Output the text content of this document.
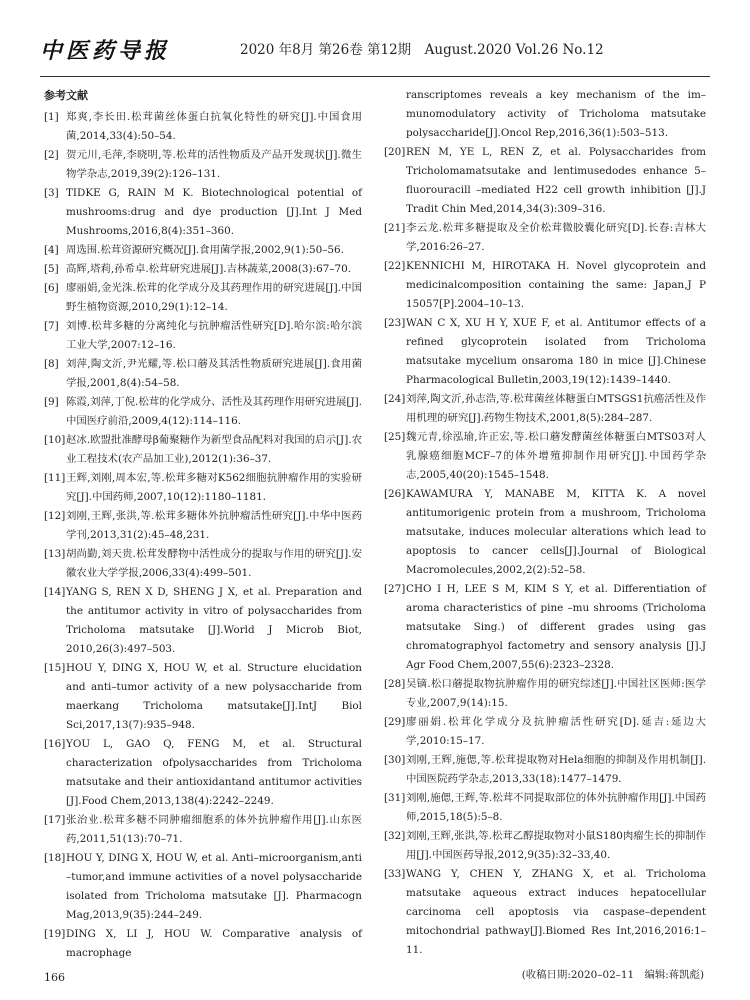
中医药导报	2020 年8月 第26卷 第12期　August.2020 Vol.26 No.12
参考文献
[1] 郑爽,李长田.松茸菌丝体蛋白抗氧化特性的研究[J].中国食用菌,2014,33(4):50–54.
[2] 贺元川,毛萍,李晓明,等.松茸的活性物质及产品开发现状[J].微生物学杂志,2019,39(2):126–131.
[3] TIDKE G, RAIN M K. Biotechnological potential of mushrooms:drug and dye production [J].Int J Med Mushrooms,2016,8(4):351–360.
[4] 周选围.松茸资源研究概况[J].食用菌学报,2002,9(1):50–56.
[5] 高辉,塔莉,孙希卓.松茸研究进展[J].吉林蔬菜,2008(3):67–70.
[6] 廖丽娟,金光洙.松茸的化学成分及其药理作用的研究进展[J].中国野生植物资源,2010,29(1):12–14.
[7] 刘博.松茸多糖的分离纯化与抗肿瘤活性研究[D].哈尔滨:哈尔滨工业大学,2007:12–16.
[8] 刘萍,陶文沂,尹光耀,等.松口蘑及其活性物质研究进展[J].食用菌学报,2001,8(4):54–58.
[9] 陈霞,刘萍,丁倪.松茸的化学成分、活性及其药理作用研究进展[J].中国医疗前沿,2009,4(12):114–116.
[10] 赵冰.欧盟批准酵母β葡聚糖作为新型食品配料对我国的启示[J].农业工程技术(农产品加工业),2012(1):36–37.
[11] 王辉,刘刚,周本宏,等.松茸多糖对K562细胞抗肿瘤作用的实验研究[J].中国药师,2007,10(12):1180–1181.
[12] 刘刚,王辉,张洪,等.松茸多糖体外抗肿瘤活性研究[J].中华中医药学刊,2013,31(2):45–48,231.
[13] 胡尚勤,刘天贵.松茸发酵物中活性成分的提取与作用的研究[J].安徽农业大学学报,2006,33(4):499–501.
[14] YANG S, REN X D, SHENG J X, et al. Preparation and the antitumor activity in vitro of polysaccharides from Tricholoma matsutake [J].World J Microb Biot, 2010,26(3):497–503.
[15] HOU Y, DING X, HOU W, et al. Structure elucidation and anti–tumor activity of a new polysaccharide from maerkang Tricholoma matsutake[J].IntJ Biol Sci,2017,13(7):935–948.
[16] YOU L, GAO Q, FENG M, et al. Structural characterization ofpolysaccharides from Tricholoma matsutake and their antioxidantand antitumor activities [J].Food Chem,2013,138(4):2242–2249.
[17] 张治业.松茸多糖不同肿瘤细胞系的体外抗肿瘤作用[J].山东医药,2011,51(13):70–71.
[18] HOU Y, DING X, HOU W, et al. Anti–microorganism,anti –tumor,and immune activities of a novel polysaccharide isolated from Tricholoma matsutake [J]. Pharmacogn Mag,2013,9(35):244–249.
[19] DING X, LI J, HOU W. Comparative analysis of macrophage
ranscriptomes reveals a key mechanism of the im–munomodulatory activity of Tricholoma matsutake polysaccharide[J].Oncol Rep,2016,36(1):503–513.
[20] REN M, YE L, REN Z, et al. Polysaccharides from Tricholomamatsutake and lentimusedodes enhance 5–fluorouracill –mediated H22 cell growth inhibition [J].J Tradit Chin Med,2014,34(3):309–316.
[21] 李云龙.松茸多糖提取及全价松茸微胶囊化研究[D].长春:吉林大学,2016:26–27.
[22] KENNICHI M, HIROTAKA H. Novel glycoprotein and medicinalcomposition containing the same: Japan,J P 15057[P].2004–10–13.
[23] WAN C X, XU H Y, XUE F, et al. Antitumor effects of a refined glycoprotein isolated from Tricholoma matsutake mycelium onsaroma 180 in mice [J].Chinese Pharmacological Bulletin,2003,19(12):1439–1440.
[24] 刘萍,陶文沂,孙志浩,等.松茸菌丝体糖蛋白MTSGS1抗癌活性及作用机理的研究[J].药物生物技术,2001,8(5):284–287.
[25] 魏元青,徐泓瑜,许正宏,等.松口蘑发酵菌丝体糖蛋白MTS03对人乳腺癌细胞MCF–7的体外增殖抑制作用研究[J].中国药学杂志,2005,40(20):1545–1548.
[26] KAWAMURA Y, MANABE M, KITTA K. A novel antitumorigenic protein from a mushroom, Tricholoma matsutake, induces molecular alterations which lead to apoptosis to cancer cells[J].Journal of Biological Macromolecules,2002,2(2):52–58.
[27] CHO I H, LEE S M, KIM S Y, et al. Differentiation of aroma characteristics of pine –mu shrooms (Tricholoma matsutake Sing.) of different grades using gas chromatographyol factometry and sensory analysis [J].J Agr Food Chem,2007,55(6):2323–2328.
[28] 吴镝.松口蘑提取物抗肿瘤作用的研究综述[J].中国社区医师:医学专业,2007,9(14):15.
[29] 廖丽娟.松茸化学成分及抗肿瘤活性研究[D].延吉:延边大学,2010:15–17.
[30] 刘刚,王辉,施偲,等.松茸提取物对Hela细胞的抑制及作用机制[J].中国医院药学杂志,2013,33(18):1477–1479.
[31] 刘刚,施偲,王辉,等.松茸不同提取部位的体外抗肿瘤作用[J].中国药师,2015,18(5):5–8.
[32] 刘刚,王辉,张洪,等.松茸乙醇提取物对小鼠S180肉瘤生长的抑制作用[J].中国医药导报,2012,9(35):32–33,40.
[33] WANG Y, CHEN Y, ZHANG X, et al. Tricholoma matsutake aqueous extract induces hepatocellular carcinoma cell apoptosis via caspase–dependent mitochondrial pathway[J].Biomed Res Int,2016,2016:1–11.
(收稿日期:2020–02–11　编辑:蒋凯彪)
166
